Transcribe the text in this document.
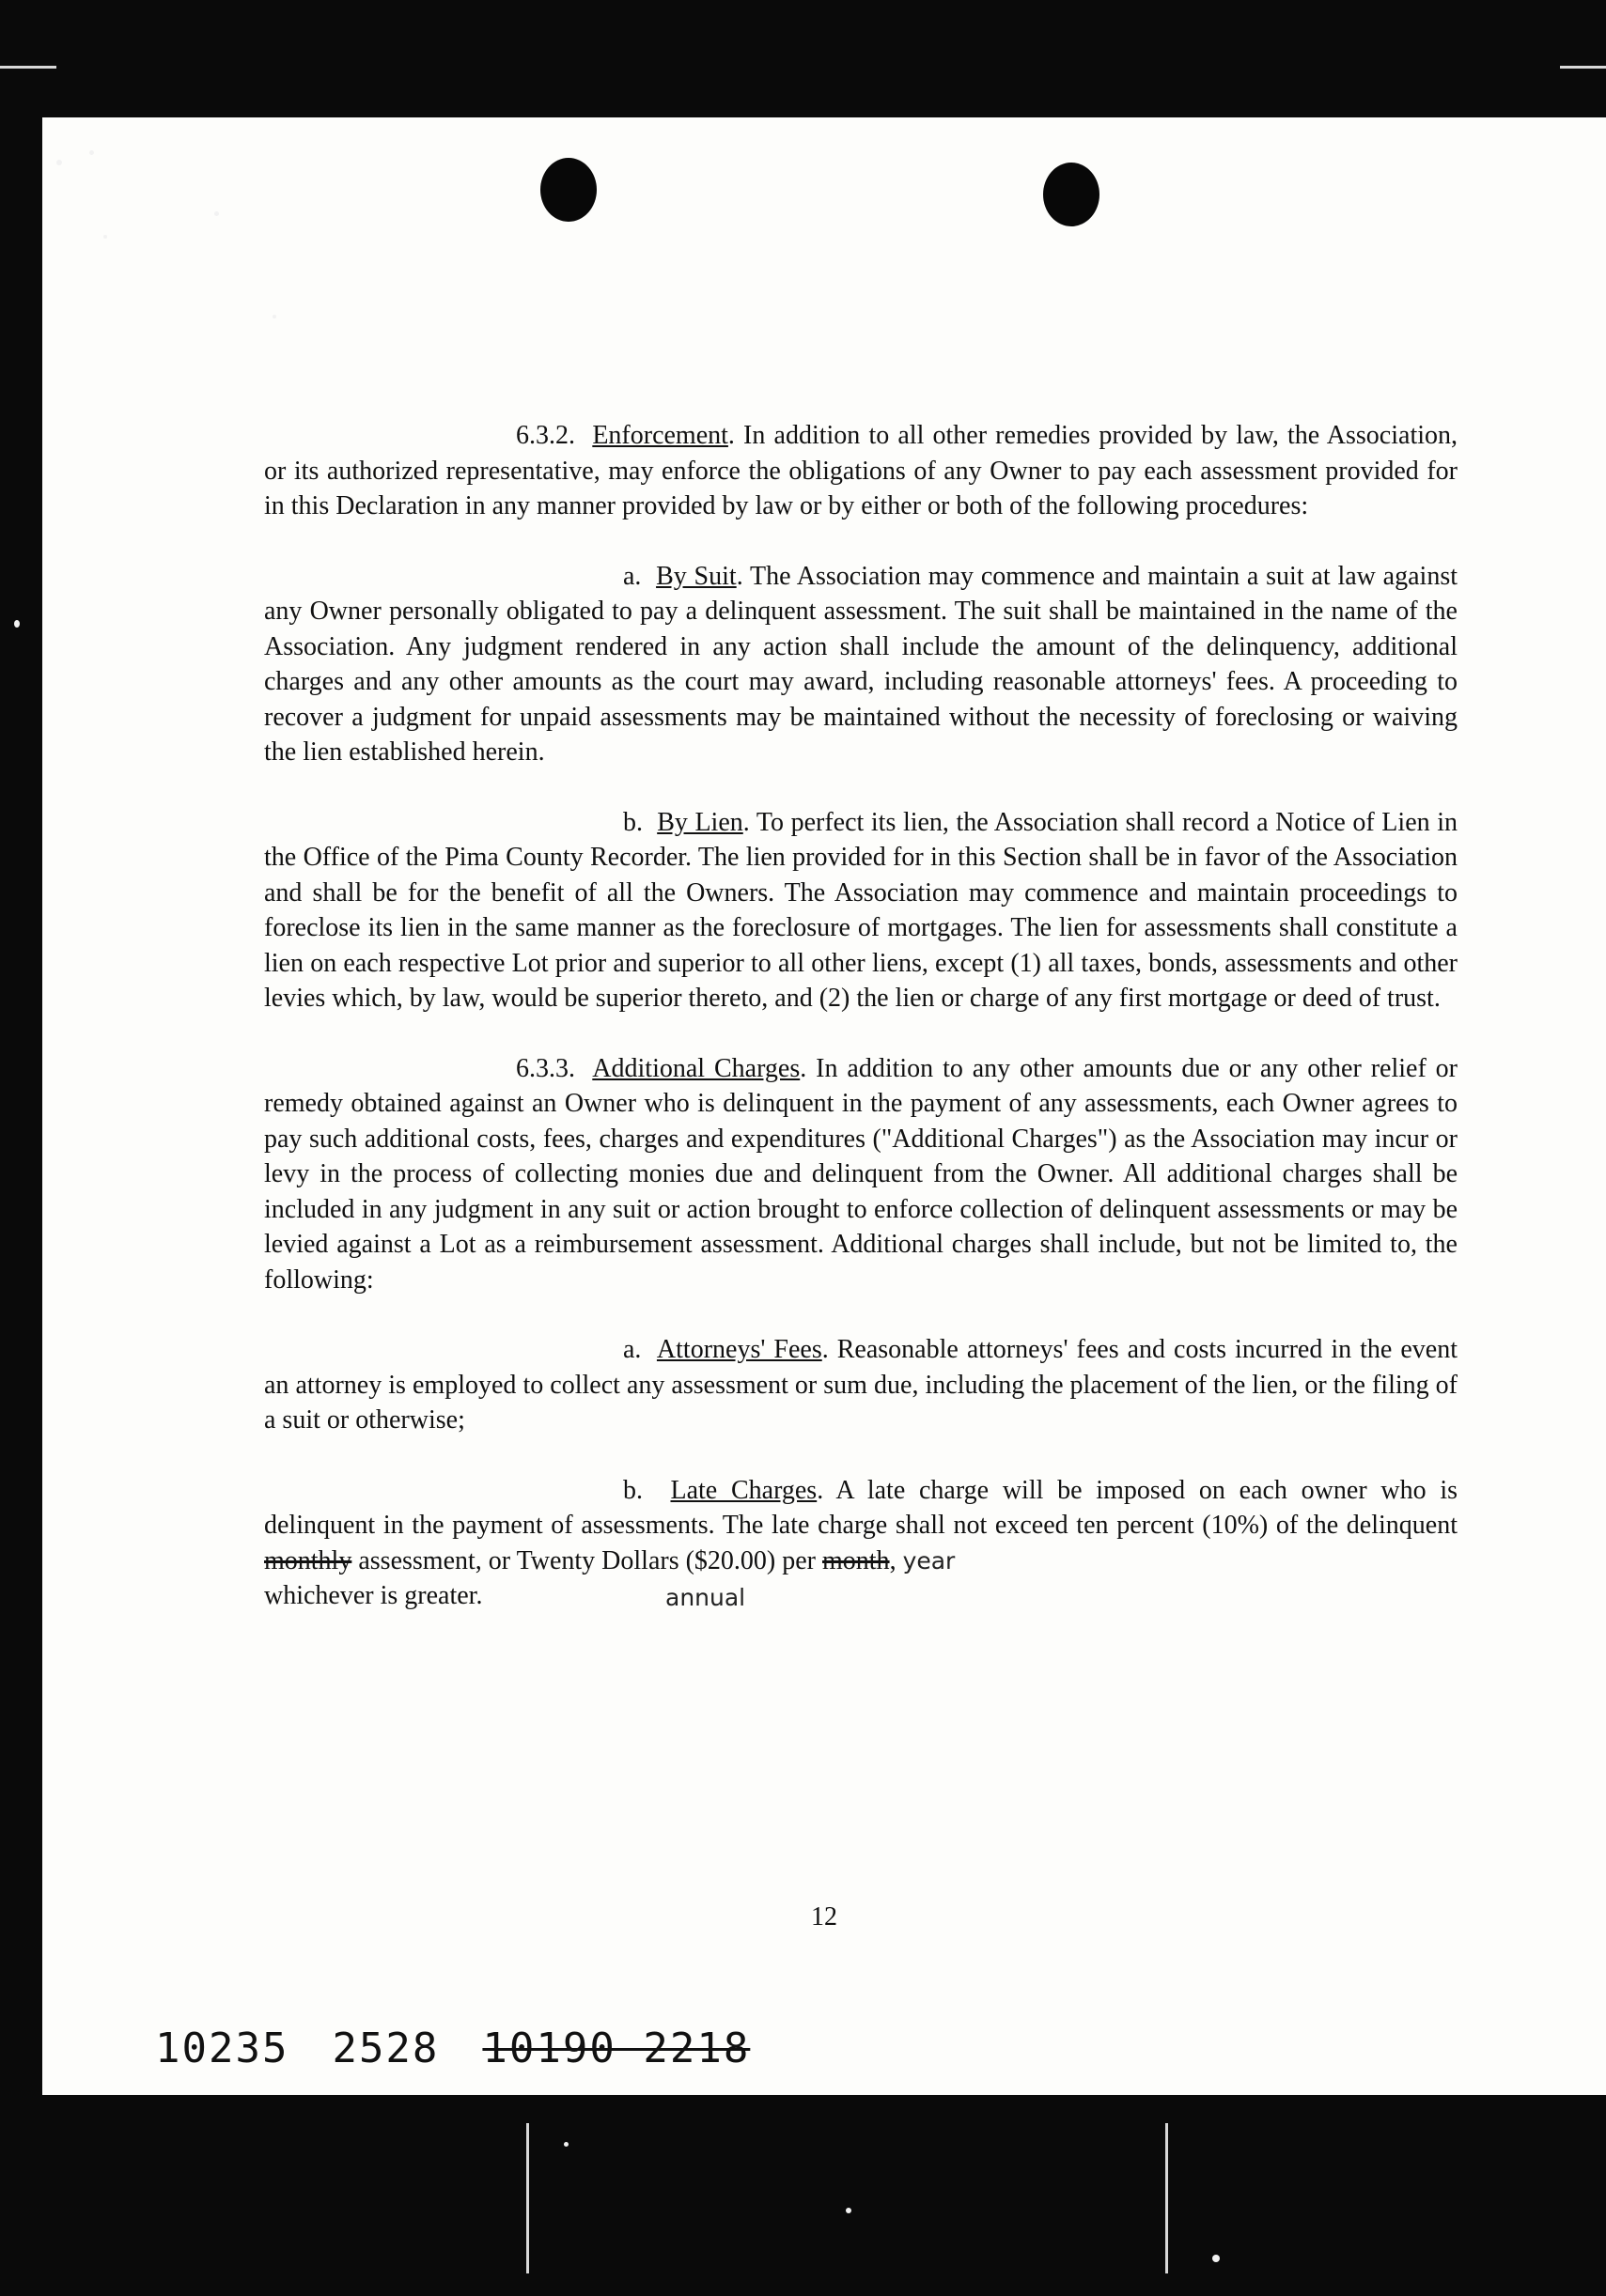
6.3.2. Enforcement. In addition to all other remedies provided by law, the Association, or its authorized representative, may enforce the obligations of any Owner to pay each assessment provided for in this Declaration in any manner provided by law or by either or both of the following procedures:

a. By Suit. The Association may commence and maintain a suit at law against any Owner personally obligated to pay a delinquent assessment. The suit shall be maintained in the name of the Association. Any judgment rendered in any action shall include the amount of the delinquency, additional charges and any other amounts as the court may award, including reasonable attorneys' fees. A proceeding to recover a judgment for unpaid assessments may be maintained without the necessity of foreclosing or waiving the lien established herein.

b. By Lien. To perfect its lien, the Association shall record a Notice of Lien in the Office of the Pima County Recorder. The lien provided for in this Section shall be in favor of the Association and shall be for the benefit of all the Owners. The Association may commence and maintain proceedings to foreclose its lien in the same manner as the foreclosure of mortgages. The lien for assessments shall constitute a lien on each respective Lot prior and superior to all other liens, except (1) all taxes, bonds, assessments and other levies which, by law, would be superior thereto, and (2) the lien or charge of any first mortgage or deed of trust.

6.3.3. Additional Charges. In addition to any other amounts due or any other relief or remedy obtained against an Owner who is delinquent in the payment of any assessments, each Owner agrees to pay such additional costs, fees, charges and expenditures ("Additional Charges") as the Association may incur or levy in the process of collecting monies due and delinquent from the Owner. All additional charges shall be included in any judgment in any suit or action brought to enforce collection of delinquent assessments or may be levied against a Lot as a reimbursement assessment. Additional charges shall include, but not be limited to, the following:

a. Attorneys' Fees. Reasonable attorneys' fees and costs incurred in the event an attorney is employed to collect any assessment or sum due, including the placement of the lien, or the filing of a suit or otherwise;

b. Late Charges. A late charge will be imposed on each owner who is delinquent in the payment of assessments. The late charge shall not exceed ten percent (10%) of the delinquent monthly assessment, or Twenty Dollars ($20.00) per month, year
whichever is greater.	annual

12
10235 2528 10190 2218
